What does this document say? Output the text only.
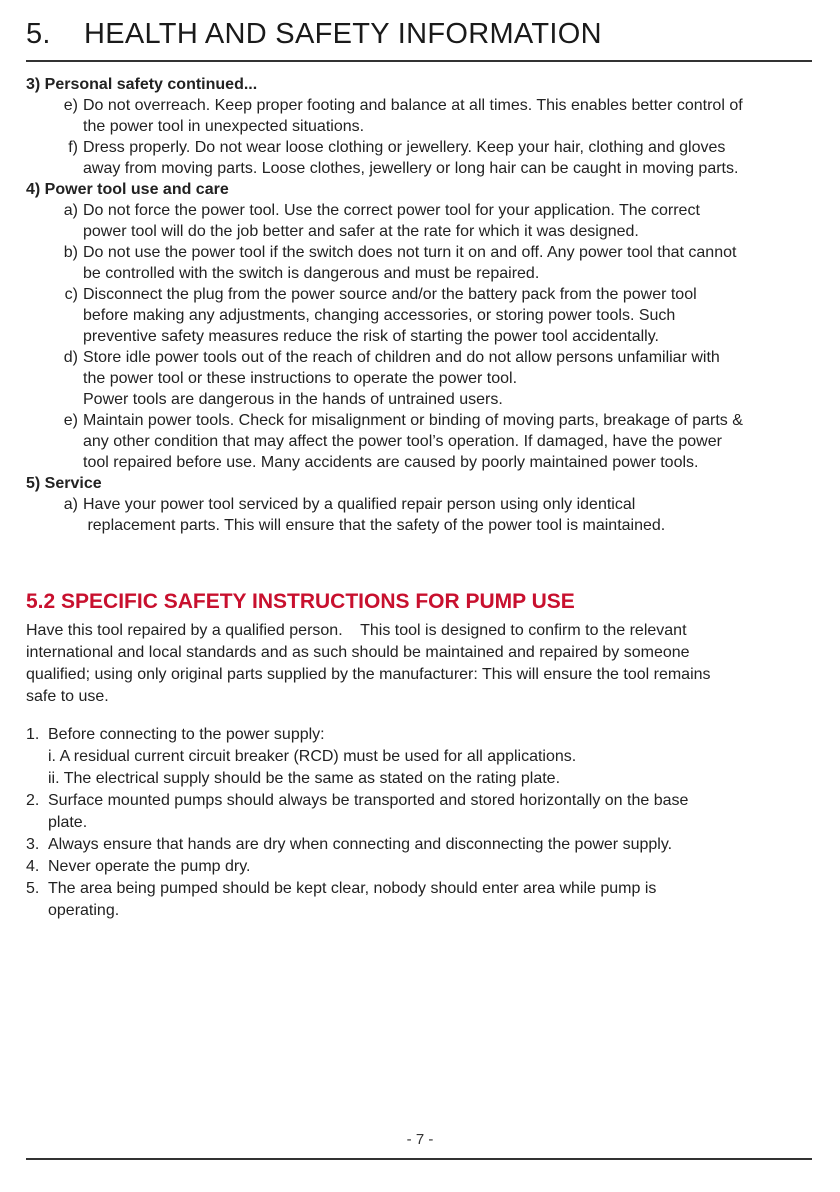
5. HEALTH AND SAFETY INFORMATION
3) Personal safety continued...
e) Do not overreach. Keep proper footing and balance at all times. This enables better control of
the power tool in unexpected situations.
f) Dress properly. Do not wear loose clothing or jewellery. Keep your hair, clothing and gloves
away from moving parts. Loose clothes, jewellery or long hair can be caught in moving parts.
4) Power tool use and care
a) Do not force the power tool. Use the correct power tool for your application. The correct
power tool will do the job better and safer at the rate for which it was designed.
b) Do not use the power tool if the switch does not turn it on and off. Any power tool that cannot
be controlled with the switch is dangerous and must be repaired.
c) Disconnect the plug from the power source and/or the battery pack from the power tool
before making any adjustments, changing accessories, or storing power tools. Such
preventive safety measures reduce the risk of starting the power tool accidentally.
d) Store idle power tools out of the reach of children and do not allow persons unfamiliar with
the power tool or these instructions to operate the power tool.
Power tools are dangerous in the hands of untrained users.
e) Maintain power tools. Check for misalignment or binding of moving parts, breakage of parts &
any other condition that may affect the power tool’s operation. If damaged, have the power
tool repaired before use. Many accidents are caused by poorly maintained power tools.
5) Service
a) Have your power tool serviced by a qualified repair person using only identical
replacement parts. This will ensure that the safety of the power tool is maintained.
5.2 SPECIFIC SAFETY INSTRUCTIONS FOR PUMP USE
Have this tool repaired by a qualified person.    This tool is designed to confirm to the relevant
international and local standards and as such should be maintained and repaired by someone
qualified; using only original parts supplied by the manufacturer: This will ensure the tool remains
safe to use.
1. Before connecting to the power supply:
i. A residual current circuit breaker (RCD) must be used for all applications.
ii. The electrical supply should be the same as stated on the rating plate.
2. Surface mounted pumps should always be transported and stored horizontally on the base
plate.
3. Always ensure that hands are dry when connecting and disconnecting the power supply.
4. Never operate the pump dry.
5. The area being pumped should be kept clear, nobody should enter area while pump is
operating.
- 7 -
